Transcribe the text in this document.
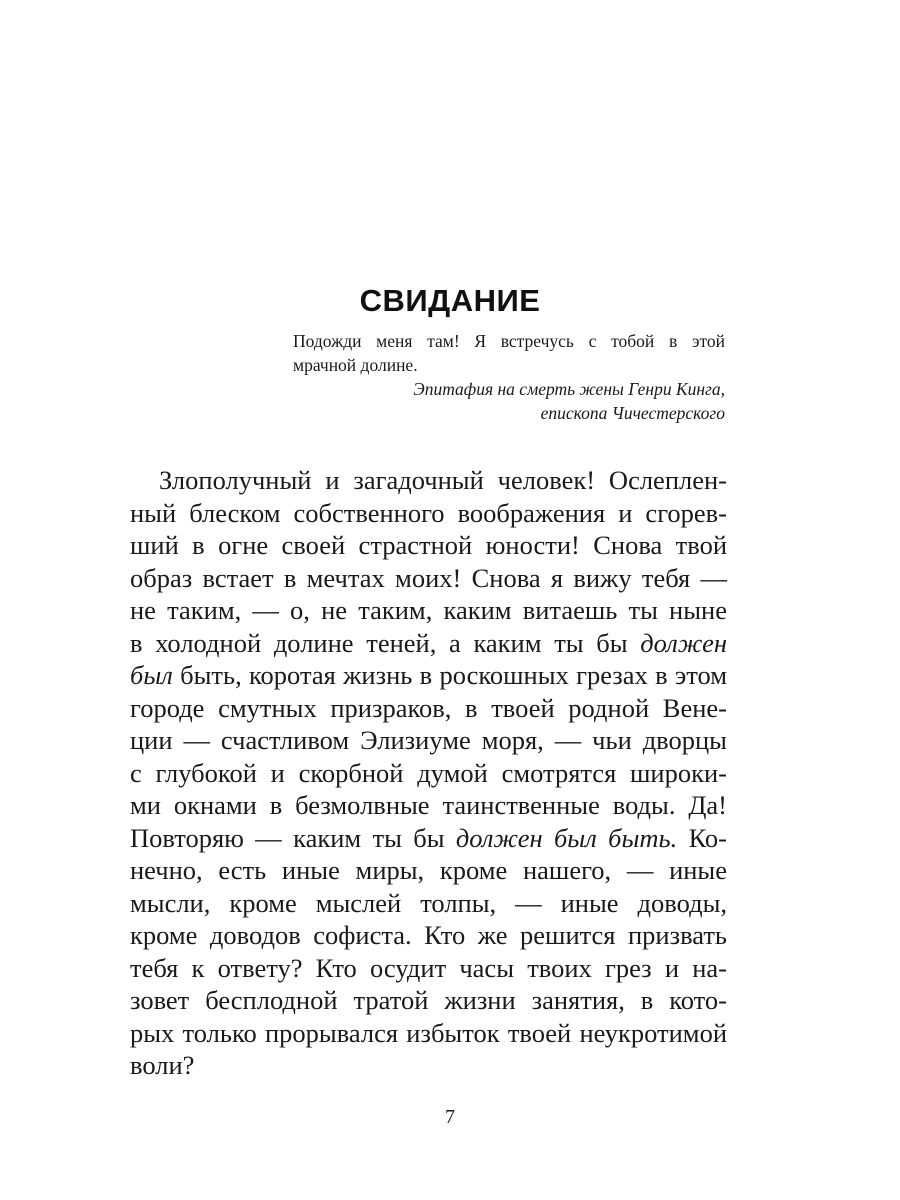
СВИДАНИЕ
Подожди меня там! Я встречусь с тобой в этой
мрачной долине.
Эпитафия на смерть жены Генри Кинга,
епископа Чичестерского
Злополучный и загадочный человек! Ослеплен-
ный блеском собственного воображения и сгорев-
ший в огне своей страстной юности! Снова твой
образ встает в мечтах моих! Снова я вижу тебя —
не таким, — о, не таким, каким витаешь ты ныне
в холодной долине теней, а каким ты бы должен
был быть, коротая жизнь в роскошных грезах в этом
городе смутных призраков, в твоей родной Вене-
ции — счастливом Элизиуме моря, — чьи дворцы
с глубокой и скорбной думой смотрятся широки-
ми окнами в безмолвные таинственные воды. Да!
Повторяю — каким ты бы должен был быть. Ко-
нечно, есть иные миры, кроме нашего, — иные
мысли, кроме мыслей толпы, — иные доводы,
кроме доводов софиста. Кто же решится призвать
тебя к ответу? Кто осудит часы твоих грез и на-
зовет бесплодной тратой жизни занятия, в кото-
рых только прорывался избыток твоей неукротимой
воли?
7
